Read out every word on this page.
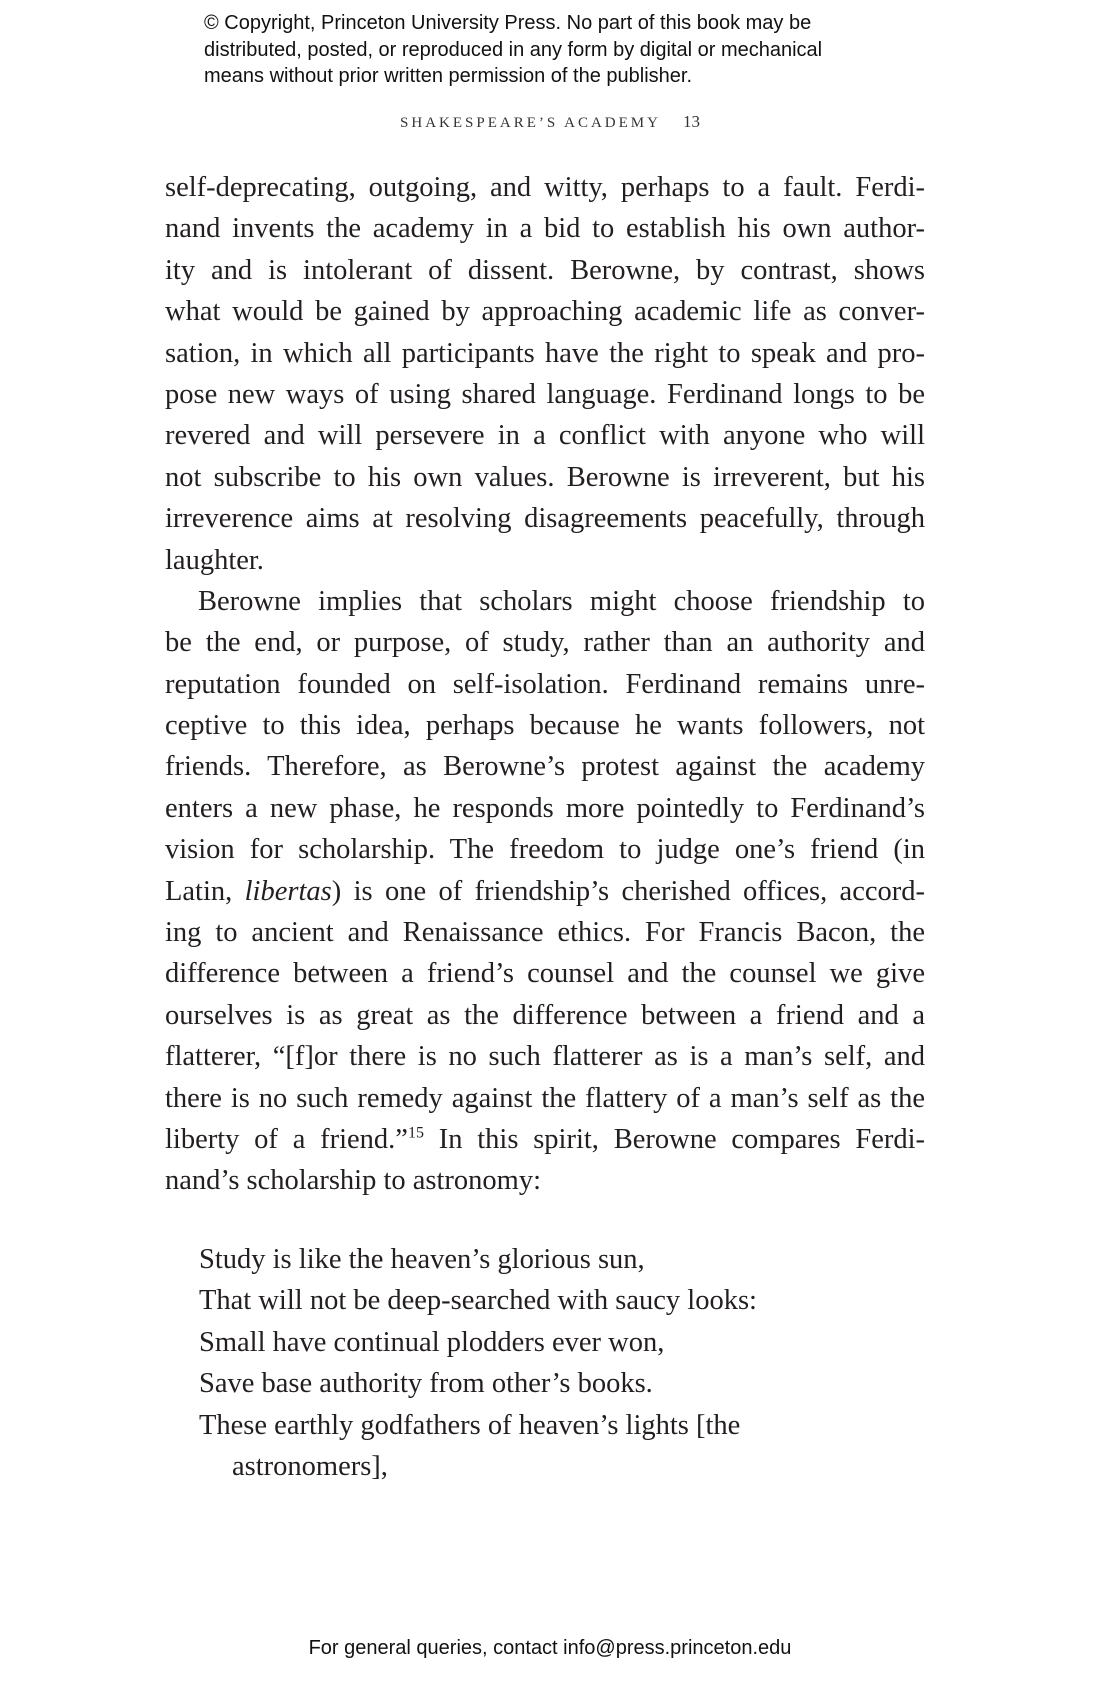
© Copyright, Princeton University Press. No part of this book may be
distributed, posted, or reproduced in any form by digital or mechanical
means without prior written permission of the publisher.
SHAKESPEARE’S ACADEMY 13
self-deprecating, outgoing, and witty, perhaps to a fault. Ferdi-
nand invents the academy in a bid to establish his own author-
ity and is intolerant of dissent. Berowne, by contrast, shows
what would be gained by approaching academic life as conver-
sation, in which all participants have the right to speak and pro-
pose new ways of using shared language. Ferdinand longs to be
revered and will persevere in a conflict with anyone who will
not subscribe to his own values. Berowne is irreverent, but his
irreverence aims at resolving disagreements peacefully, through
laughter.
Berowne implies that scholars might choose friendship to
be the end, or purpose, of study, rather than an authority and
reputation founded on self-isolation. Ferdinand remains unre-
ceptive to this idea, perhaps because he wants followers, not
friends. Therefore, as Berowne’s protest against the academy
enters a new phase, he responds more pointedly to Ferdinand’s
vision for scholarship. The freedom to judge one’s friend (in
Latin, libertas) is one of friendship’s cherished offices, accord-
ing to ancient and Renaissance ethics. For Francis Bacon, the
difference between a friend’s counsel and the counsel we give
ourselves is as great as the difference between a friend and a
flatterer, “[f]or there is no such flatterer as is a man’s self, and
there is no such remedy against the flattery of a man’s self as the
liberty of a friend.”$^{15}$ In this spirit, Berowne compares Ferdi-
nand’s scholarship to astronomy:
Study is like the heaven’s glorious sun,
That will not be deep-searched with saucy looks:
Small have continual plodders ever won,
Save base authority from other’s books.
These earthly godfathers of heaven’s lights [the
astronomers],
For general queries, contact info@press.princeton.edu
